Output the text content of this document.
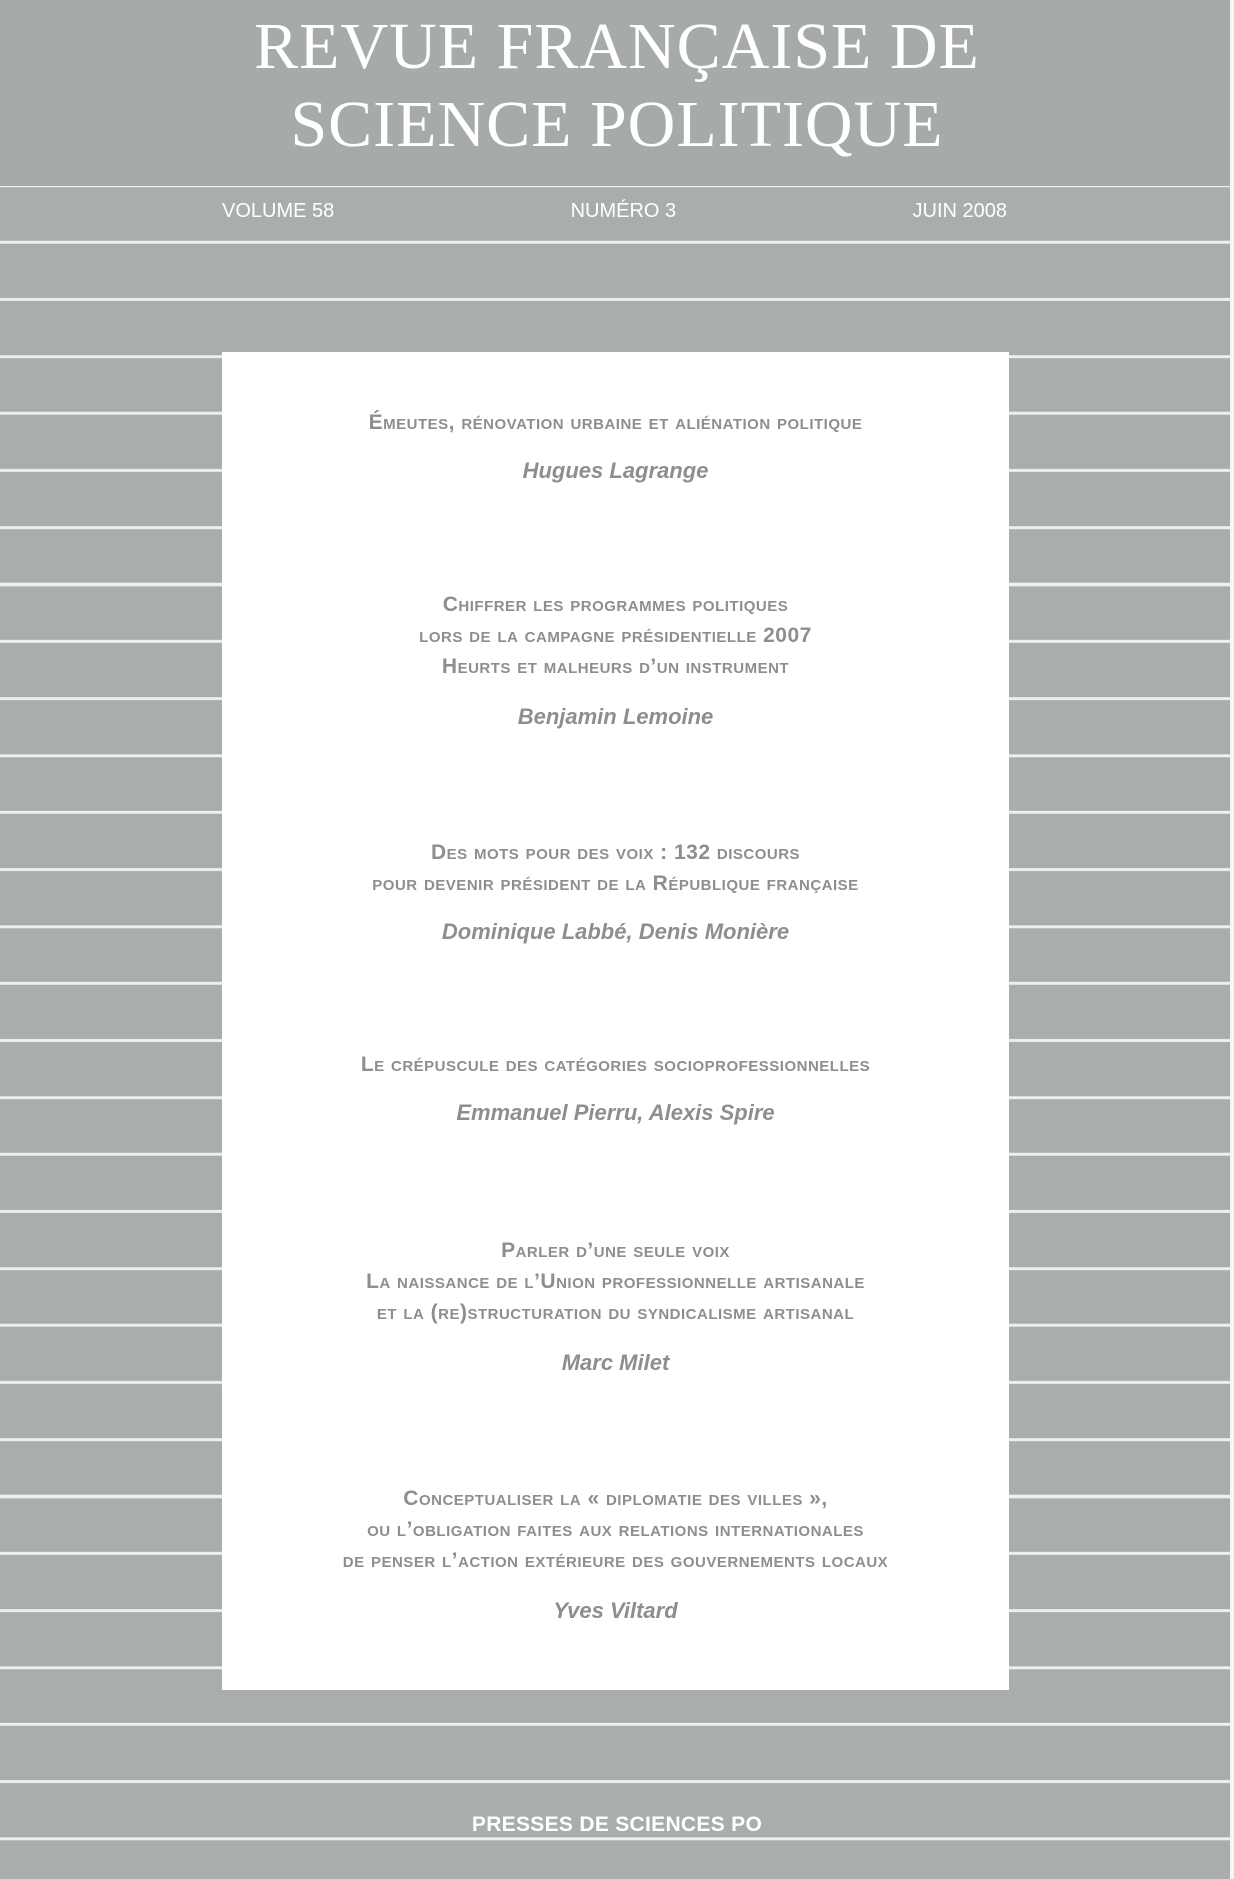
REVUE FRANÇAISE DE
SCIENCE POLITIQUE
VOLUME 58	NUMÉRO 3	JUIN 2008
Émeutes, rénovation urbaine et aliénation politique
Hugues Lagrange
Chiffrer les programmes politiques
lors de la campagne présidentielle 2007
Heurts et malheurs d’un instrument
Benjamin Lemoine
Des mots pour des voix : 132 discours
pour devenir président de la République française
Dominique Labbé, Denis Monière
Le crépuscule des catégories socioprofessionnelles
Emmanuel Pierru, Alexis Spire
Parler d’une seule voix
La naissance de l’Union professionnelle artisanale
et la (re)structuration du syndicalisme artisanal
Marc Milet
Conceptualiser la « diplomatie des villes »,
ou l’obligation faites aux relations internationales
de penser l’action extérieure des gouvernements locaux
Yves Viltard
PRESSES DE SCIENCES PO
